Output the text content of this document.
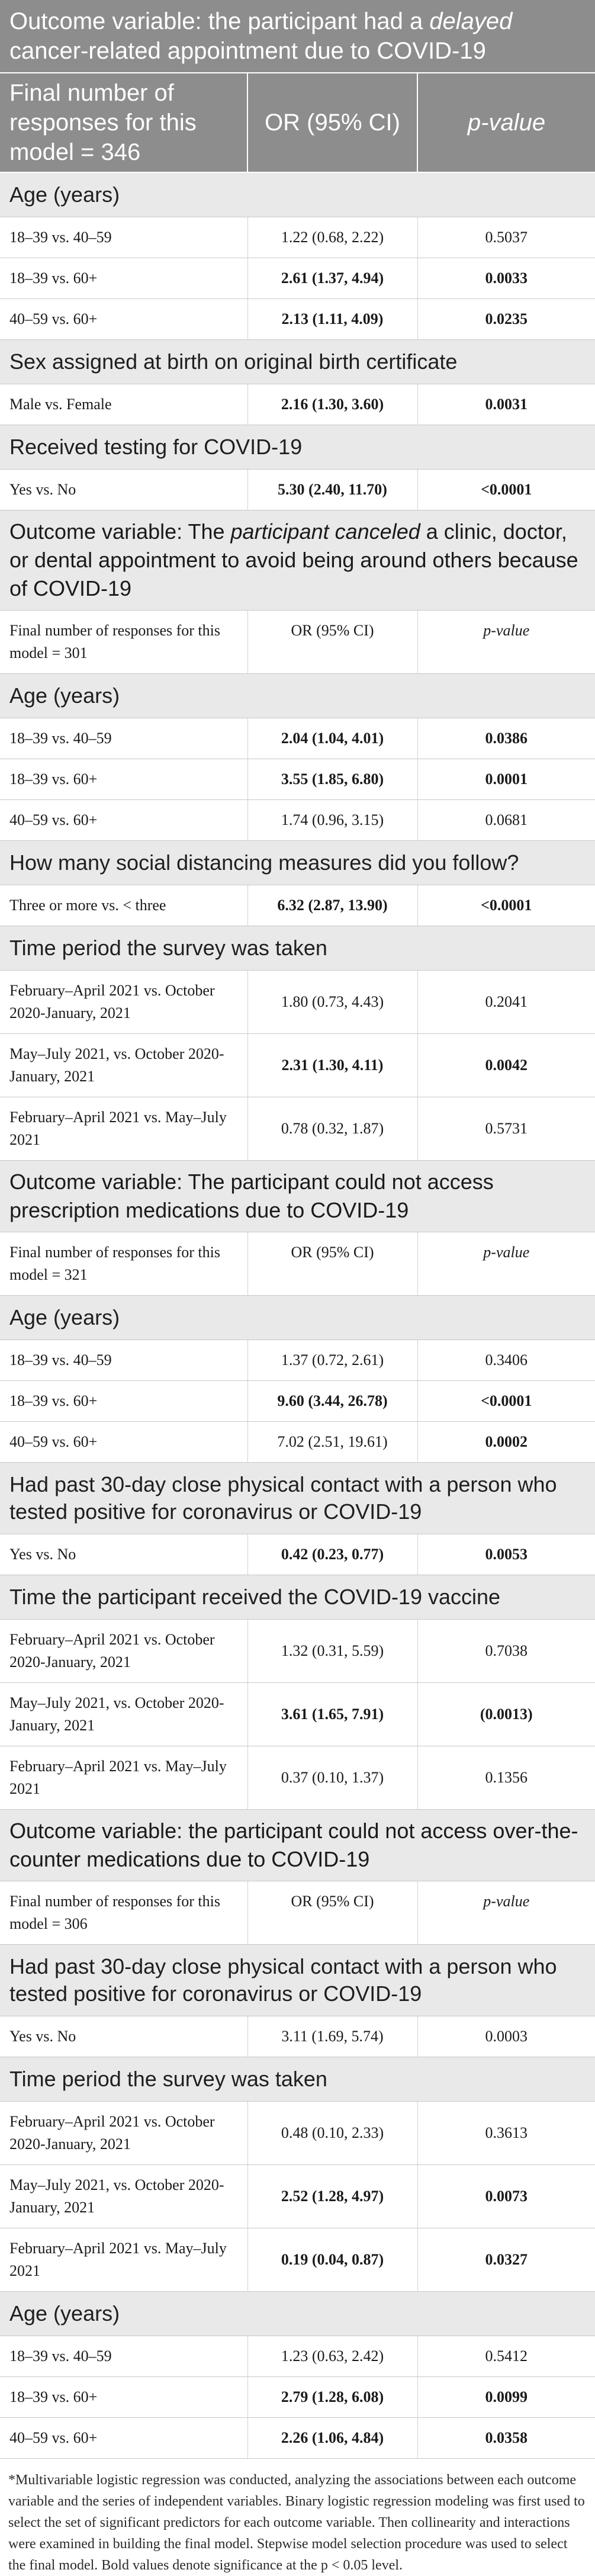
Outcome variable: the participant had a delayed cancer-related appointment due to COVID-19		
Final number of responses for this model = 346	OR (95% CI)	p-value
Age (years)		
18–39 vs. 40–59	1.22 (0.68, 2.22)	0.5037
18–39 vs. 60+	2.61 (1.37, 4.94)	0.0033
40–59 vs. 60+	2.13 (1.11, 4.09)	0.0235
Sex assigned at birth on original birth certificate		
Male vs. Female	2.16 (1.30, 3.60)	0.0031
Received testing for COVID-19		
Yes vs. No	5.30 (2.40, 11.70)	<0.0001
Outcome variable: The participant canceled a clinic, doctor, or dental appointment to avoid being around others because of COVID-19		
Final number of responses for this model = 301	OR (95% CI)	p-value
Age (years)		
18–39 vs. 40–59	2.04 (1.04, 4.01)	0.0386
18–39 vs. 60+	3.55 (1.85, 6.80)	0.0001
40–59 vs. 60+	1.74 (0.96, 3.15)	0.0681
How many social distancing measures did you follow?		
Three or more vs. < three	6.32 (2.87, 13.90)	<0.0001
Time period the survey was taken		
February–April 2021 vs. October 2020-January, 2021	1.80 (0.73, 4.43)	0.2041
May–July 2021, vs. October 2020-January, 2021	2.31 (1.30, 4.11)	0.0042
February–April 2021 vs. May–July 2021	0.78 (0.32, 1.87)	0.5731
Outcome variable: The participant could not access prescription medications due to COVID-19		
Final number of responses for this model = 321	OR (95% CI)	p-value
Age (years)		
18–39 vs. 40–59	1.37 (0.72, 2.61)	0.3406
18–39 vs. 60+	9.60 (3.44, 26.78)	<0.0001
40–59 vs. 60+	7.02 (2.51, 19.61)	0.0002
Had past 30-day close physical contact with a person who tested positive for coronavirus or COVID-19		
Yes vs. No	0.42 (0.23, 0.77)	0.0053
Time the participant received the COVID-19 vaccine		
February–April 2021 vs. October 2020-January, 2021	1.32 (0.31, 5.59)	0.7038
May–July 2021, vs. October 2020-January, 2021	3.61 (1.65, 7.91)	(0.0013)
February–April 2021 vs. May–July 2021	0.37 (0.10, 1.37)	0.1356
Outcome variable: the participant could not access over-the-counter medications due to COVID-19		
Final number of responses for this model = 306	OR (95% CI)	p-value
Had past 30-day close physical contact with a person who tested positive for coronavirus or COVID-19		
Yes vs. No	3.11 (1.69, 5.74)	0.0003
Time period the survey was taken		
February–April 2021 vs. October 2020-January, 2021	0.48 (0.10, 2.33)	0.3613
May–July 2021, vs. October 2020-January, 2021	2.52 (1.28, 4.97)	0.0073
February–April 2021 vs. May–July 2021	0.19 (0.04, 0.87)	0.0327
Age (years)		
18–39 vs. 40–59	1.23 (0.63, 2.42)	0.5412
18–39 vs. 60+	2.79 (1.28, 6.08)	0.0099
40–59 vs. 60+	2.26 (1.06, 4.84)	0.0358
*Multivariable logistic regression was conducted, analyzing the associations between each outcome variable and the series of independent variables. Binary logistic regression modeling was first used to select the set of significant predictors for each outcome variable. Then collinearity and interactions were examined in building the final model. Stepwise model selection procedure was used to select the final model. Bold values denote significance at the p < 0.05 level.
